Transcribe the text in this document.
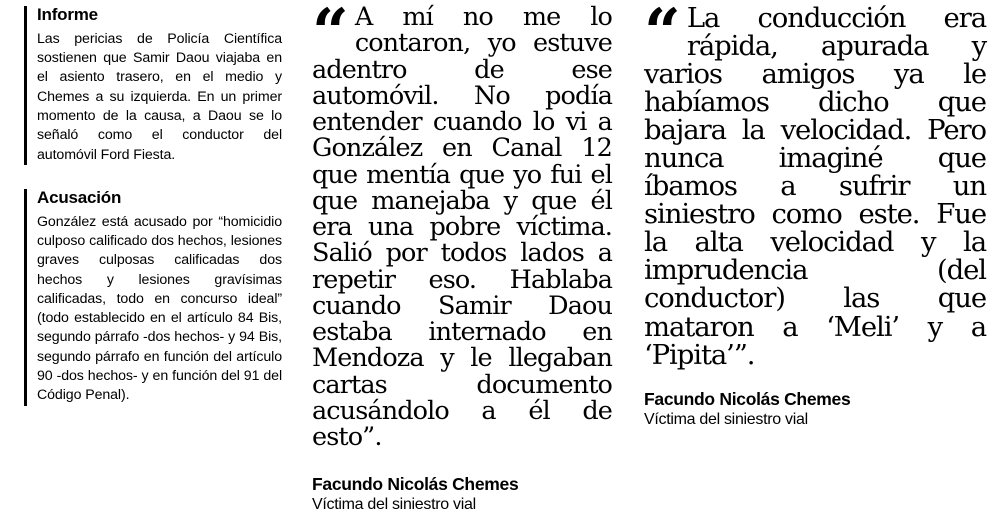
Informe

Las pericias de Policía Científica sostienen que Samir Daou viajaba en el asiento trasero, en el medio y Chemes a su izquierda. En un primer momento de la causa, a Daou se lo señaló como el conductor del automóvil Ford Fiesta.

Acusación

González está acusado por “homicidio culposo calificado dos hechos, lesiones graves culposas calificadas dos hechos y lesiones gravísimas calificadas, todo en concurso ideal” (todo establecido en el artículo 84 Bis, segundo párrafo -dos hechos- y 94 Bis, segundo párrafo en función del artículo 90 -dos hechos- y en función del 91 del Código Penal).

“ A mí no me lo contaron, yo estuve adentro de ese automóvil. No podía entender cuando lo vi a González en Canal 12 que mentía que yo fui el que manejaba y que él era una pobre víctima. Salió por todos lados a repetir eso. Hablaba cuando Samir Daou estaba internado en Mendoza y le llegaban cartas documento acusándolo a él de esto”.

Facundo Nicolás Chemes

Víctima del siniestro vial

“ La conducción era rápida, apurada y varios amigos ya le habíamos dicho que bajara la velocidad. Pero nunca imaginé que íbamos a sufrir un siniestro como este. Fue la alta velocidad y la imprudencia (del conductor) las que mataron a ‘Meli’ y a ‘Pipita’”.

Facundo Nicolás Chemes

Víctima del siniestro vial
